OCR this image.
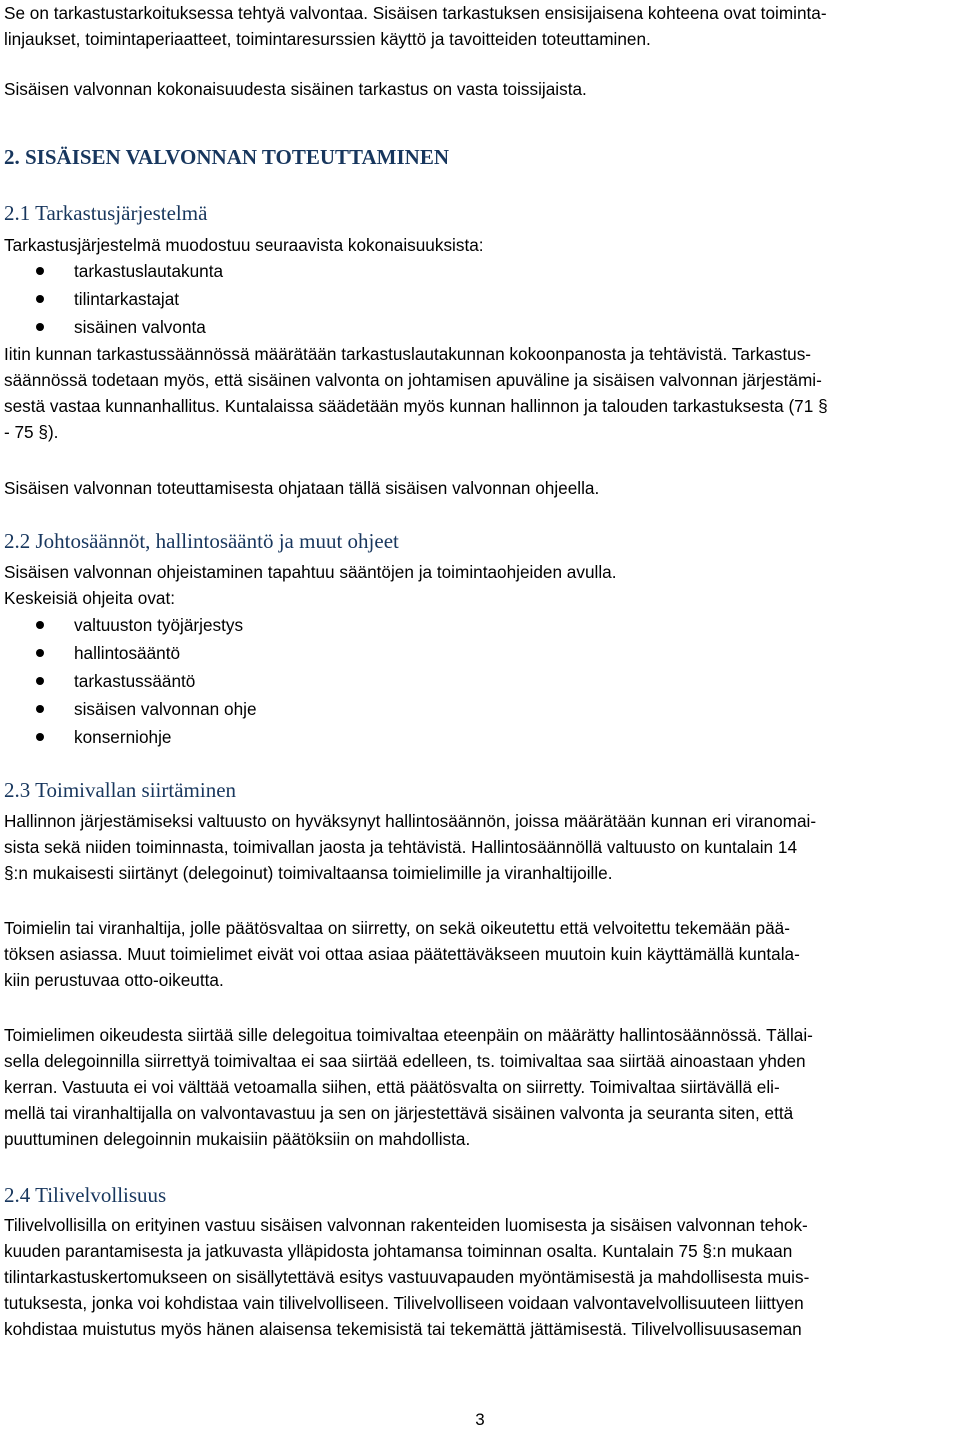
Se on tarkastustarkoituksessa tehtyä valvontaa. Sisäisen tarkastuksen ensisijaisena kohteena ovat toiminta-
linjaukset, toimintaperiaatteet, toimintaresurssien käyttö ja tavoitteiden toteuttaminen.
Sisäisen valvonnan kokonaisuudesta sisäinen tarkastus on vasta toissijaista.
2. SISÄISEN VALVONNAN TOTEUTTAMINEN
2.1 Tarkastusjärjestelmä
Tarkastusjärjestelmä muodostuu seuraavista kokonaisuuksista:
tarkastuslautakunta
tilintarkastajat
sisäinen valvonta
Iitin kunnan tarkastussäännössä määrätään tarkastuslautakunnan kokoonpanosta ja tehtävistä. Tarkastus-
säännössä todetaan myös, että sisäinen valvonta on johtamisen apuväline ja sisäisen valvonnan järjestämi-
sestä vastaa kunnanhallitus. Kuntalaissa säädetään myös kunnan hallinnon ja talouden tarkastuksesta (71 §
- 75 §).
Sisäisen valvonnan toteuttamisesta ohjataan tällä sisäisen valvonnan ohjeella.
2.2 Johtosäännöt, hallintosääntö ja muut ohjeet
Sisäisen valvonnan ohjeistaminen tapahtuu sääntöjen ja toimintaohjeiden avulla.
Keskeisiä ohjeita ovat:
valtuuston työjärjestys
hallintosääntö
tarkastussääntö
sisäisen valvonnan ohje
konserniohje
2.3 Toimivallan siirtäminen
Hallinnon järjestämiseksi valtuusto on hyväksynyt hallintosäännön, joissa määrätään kunnan eri viranomai-
sista sekä niiden toiminnasta, toimivallan jaosta ja tehtävistä. Hallintosäännöllä valtuusto on kuntalain 14
§:n mukaisesti siirtänyt (delegoinut) toimivaltaansa toimielimille ja viranhaltijoille.
Toimielin tai viranhaltija, jolle päätösvaltaa on siirretty, on sekä oikeutettu että velvoitettu tekemään pää-
töksen asiassa. Muut toimielimet eivät voi ottaa asiaa päätettäväkseen muutoin kuin käyttämällä kuntala-
kiin perustuvaa otto-oikeutta.
Toimielimen oikeudesta siirtää sille delegoitua toimivaltaa eteenpäin on määrätty hallintosäännössä. Tällai-
sella delegoinnilla siirrettyä toimivaltaa ei saa siirtää edelleen, ts. toimivaltaa saa siirtää ainoastaan yhden
kerran. Vastuuta ei voi välttää vetoamalla siihen, että päätösvalta on siirretty. Toimivaltaa siirtävällä eli-
mellä tai viranhaltijalla on valvontavastuu ja sen on järjestettävä sisäinen valvonta ja seuranta siten, että
puuttuminen delegoinnin mukaisiin päätöksiin on mahdollista.
2.4 Tilivelvollisuus
Tilivelvollisilla on erityinen vastuu sisäisen valvonnan rakenteiden luomisesta ja sisäisen valvonnan tehok-
kuuden parantamisesta ja jatkuvasta ylläpidosta johtamansa toiminnan osalta. Kuntalain 75 §:n mukaan
tilintarkastuskertomukseen on sisällytettävä esitys vastuuvapauden myöntämisestä ja mahdollisesta muis-
tutuksesta, jonka voi kohdistaa vain tilivelvolliseen. Tilivelvolliseen voidaan valvontavelvollisuuteen liittyen
kohdistaa muistutus myös hänen alaisensa tekemisistä tai tekemättä jättämisestä. Tilivelvollisuusaseman
3
